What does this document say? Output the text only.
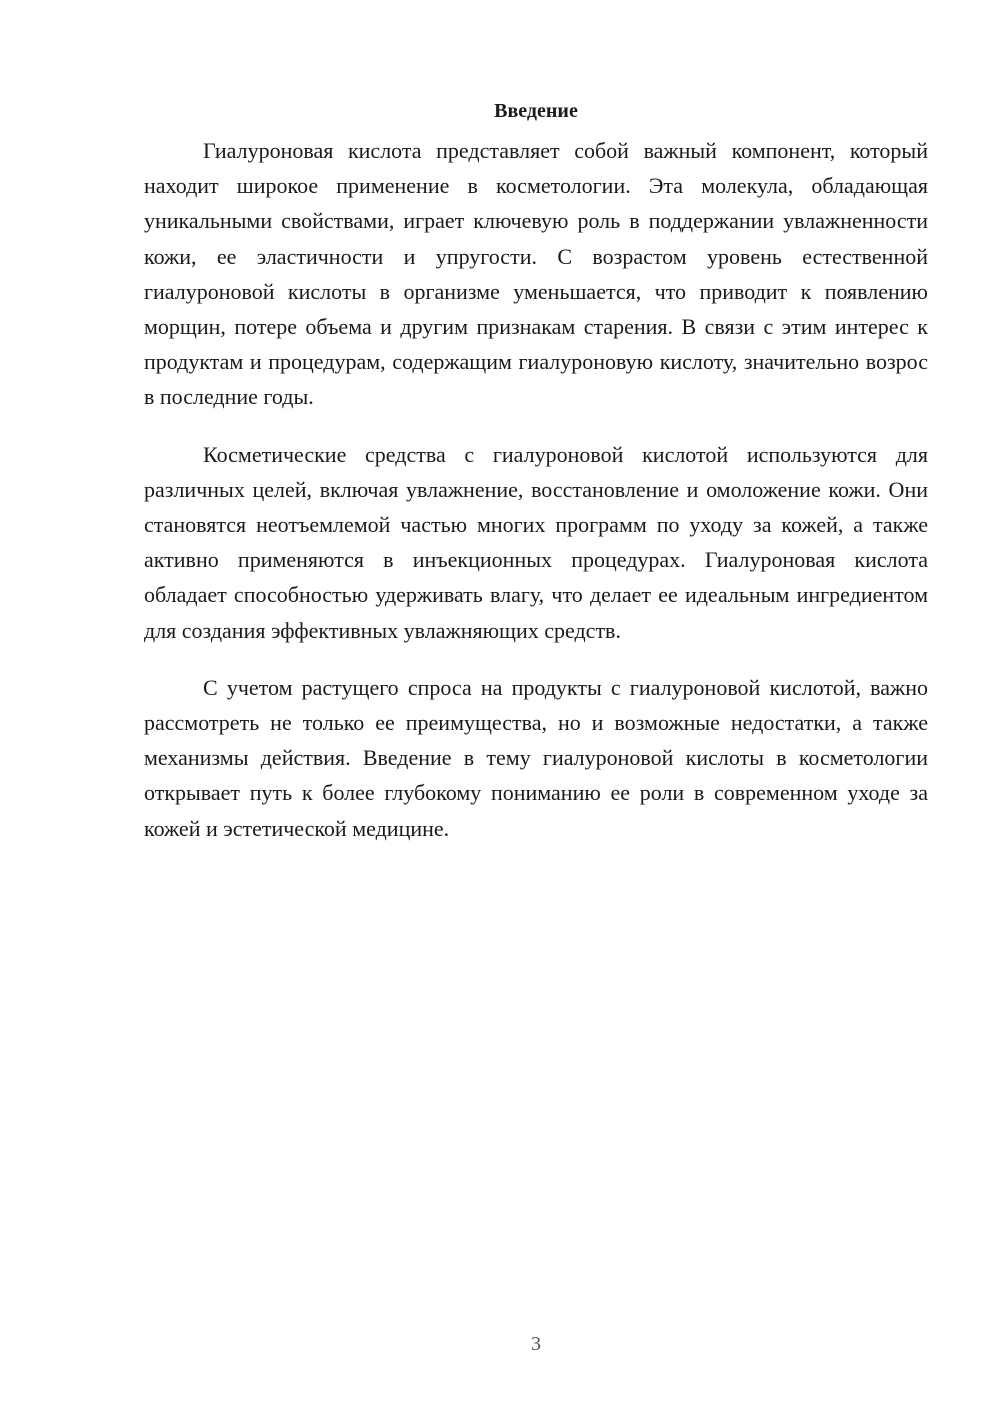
Введение

Гиалуроновая кислота представляет собой важный компонент, который находит широкое применение в косметологии. Эта молекула, обладающая уникальными свойствами, играет ключевую роль в поддержании увлажненности кожи, ее эластичности и упругости. С возрастом уровень естественной гиалуроновой кислоты в организме уменьшается, что приводит к появлению морщин, потере объема и другим признакам старения. В связи с этим интерес к продуктам и процедурам, содержащим гиалуроновую кислоту, значительно возрос в последние годы.

Косметические средства с гиалуроновой кислотой используются для различных целей, включая увлажнение, восстановление и омоложение кожи. Они становятся неотъемлемой частью многих программ по уходу за кожей, а также активно применяются в инъекционных процедурах. Гиалуроновая кислота обладает способностью удерживать влагу, что делает ее идеальным ингредиентом для создания эффективных увлажняющих средств.

С учетом растущего спроса на продукты с гиалуроновой кислотой, важно рассмотреть не только ее преимущества, но и возможные недостатки, а также механизмы действия. Введение в тему гиалуроновой кислоты в косметологии открывает путь к более глубокому пониманию ее роли в современном уходе за кожей и эстетической медицине.

3
